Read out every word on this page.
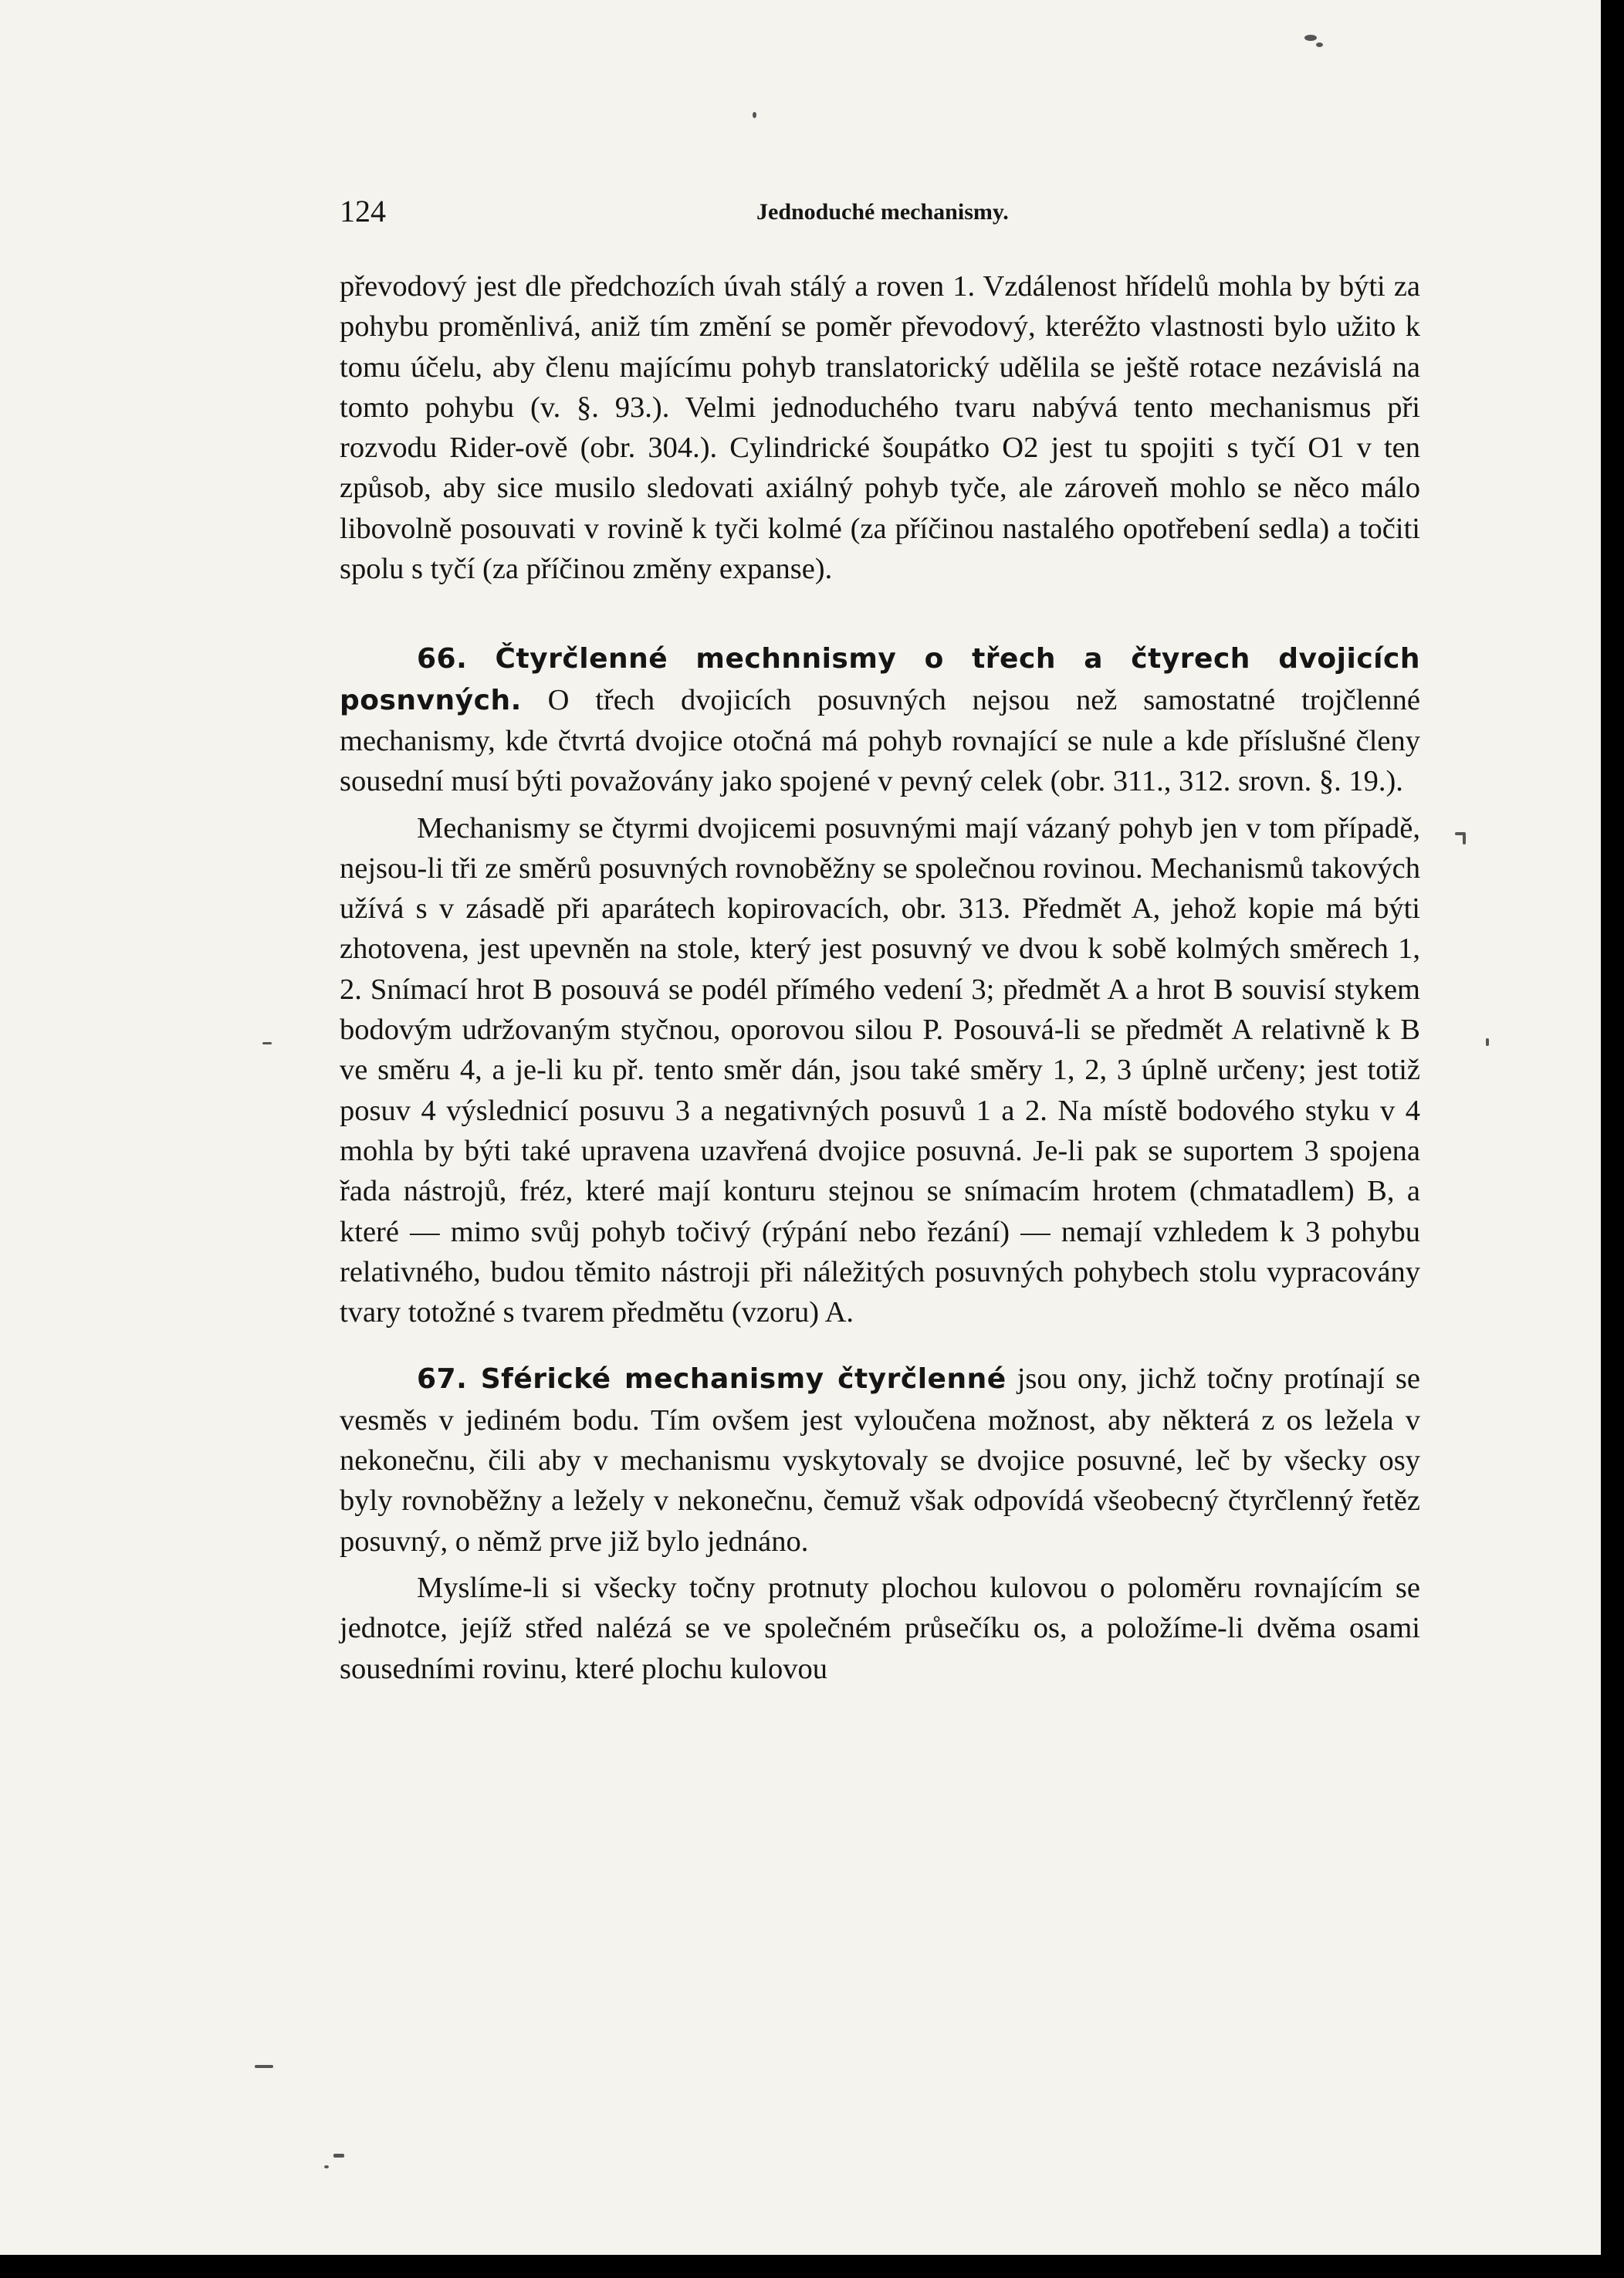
124	Jednoduché mechanismy.

převodový jest dle předchozích úvah stálý a roven 1. Vzdálenost hřídelů mohla by býti za pohybu proměnlivá, aniž tím změní se poměr převodový, kteréžto vlastnosti bylo užito k tomu účelu, aby členu majícímu pohyb translatorický udělila se ještě rotace nezávislá na tomto pohybu (v. §. 93.). Velmi jednoduchého tvaru nabývá tento mechanismus při rozvodu Rider-ově (obr. 304.). Cylindrické šoupátko O2 jest tu spojiti s tyčí O1 v ten způsob, aby sice musilo sledovati axiálný pohyb tyče, ale zároveň mohlo se něco málo libovolně posouvati v rovině k tyči kolmé (za příčinou nastalého opotřebení sedla) a točiti spolu s tyčí (za příčinou změny expanse).

66. Čtyrčlenné mechnnismy o třech a čtyrech dvojicích posnvných. O třech dvojicích posuvných nejsou než samostatné trojčlenné mechanismy, kde čtvrtá dvojice otočná má pohyb rovnající se nule a kde příslušné členy sousední musí býti považovány jako spojené v pevný celek (obr. 311., 312. srovn. §. 19.).

Mechanismy se čtyrmi dvojicemi posuvnými mají vázaný pohyb jen v tom případě, nejsou-li tři ze směrů posuvných rovnoběžny se společnou rovinou. Mechanismů takových užívá s v zásadě při aparátech kopirovacích, obr. 313. Předmět A, jehož kopie má býti zhotovena, jest upevněn na stole, který jest posuvný ve dvou k sobě kolmých směrech 1, 2. Snímací hrot B posouvá se podél přímého vedení 3; předmět A a hrot B souvisí stykem bodovým udržovaným styčnou, oporovou silou P. Posouvá-li se předmět A relativně k B ve směru 4, a je-li ku př. tento směr dán, jsou také směry 1, 2, 3 úplně určeny; jest totiž posuv 4 výslednicí posuvu 3 a negativných posuvů 1 a 2. Na místě bodového styku v 4 mohla by býti také upravena uzavřená dvojice posuvná. Je-li pak se suportem 3 spojena řada nástrojů, fréz, které mají konturu stejnou se snímacím hrotem (chmatadlem) B, a které — mimo svůj pohyb točivý (rýpání nebo řezání) — nemají vzhledem k 3 pohybu relativného, budou těmito nástroji při náležitých posuvných pohybech stolu vypracovány tvary totožné s tvarem předmětu (vzoru) A.

67. Sférické mechanismy čtyrčlenné jsou ony, jichž točny protínají se vesměs v jediném bodu. Tím ovšem jest vyloučena možnost, aby některá z os ležela v nekonečnu, čili aby v mechanismu vyskytovaly se dvojice posuvné, leč by všecky osy byly rovnoběžny a ležely v nekonečnu, čemuž však odpovídá všeobecný čtyrčlenný řetěz posuvný, o němž prve již bylo jednáno.

Myslíme-li si všecky točny protnuty plochou kulovou o poloměru rovnajícím se jednotce, jejíž střed nalézá se ve společném průsečíku os, a položíme-li dvěma osami sousedními rovinu, které plochu kulovou
